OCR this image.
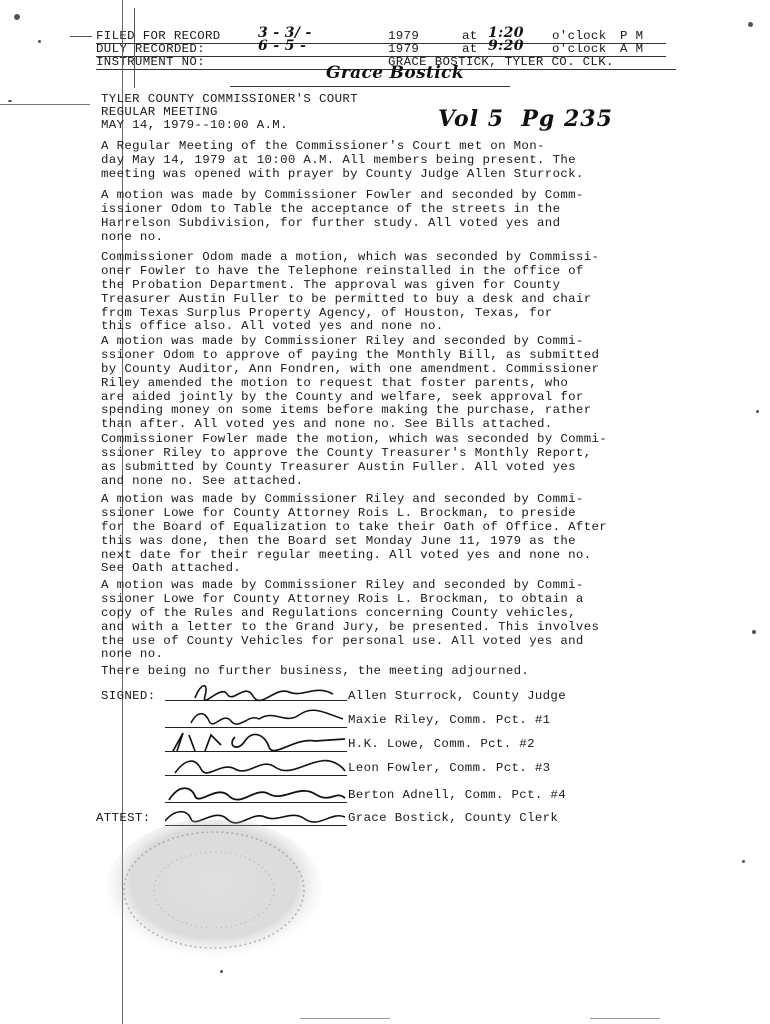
FILED FOR RECORD	3 - 3/ -	1979	at 1:20 o'clock P M
DULY RECORDED:	6 - 5 -	1979	at 9:20 o'clock A M
INSTRUMENT NO:	GRACE BOSTICK, TYLER CO. CLK.
Grace Bostick
TYLER COUNTY COMMISSIONER'S COURT
REGULAR MEETING
MAY 14, 1979--10:00 A.M.	Vol 5  Pg 235
A Regular Meeting of the Commissioner's Court met on Mon-
day May 14, 1979 at 10:00 A.M. All members being present. The
meeting was opened with prayer by County Judge Allen Sturrock.
A motion was made by Commissioner Fowler and seconded by Comm-
issioner Odom to Table the acceptance of the streets in the
Harrelson Subdivision, for further study. All voted yes and
none no.
Commissioner Odom made a motion, which was seconded by Commissi-
oner Fowler to have the Telephone reinstalled in the office of
the Probation Department. The approval was given for County
Treasurer Austin Fuller to be permitted to buy a desk and chair
from Texas Surplus Property Agency, of Houston, Texas, for
this office also. All voted yes and none no.
A motion was made by Commissioner Riley and seconded by Commi-
ssioner Odom to approve of paying the Monthly Bill, as submitted
by County Auditor, Ann Fondren, with one amendment. Commissioner
Riley amended the motion to request that foster parents, who
are aided jointly by the County and welfare, seek approval for
spending money on some items before making the purchase, rather
than after. All voted yes and none no. See Bills attached.
Commissioner Fowler made the motion, which was seconded by Commi-
ssioner Riley to approve the County Treasurer's Monthly Report,
as submitted by County Treasurer Austin Fuller. All voted yes
and none no. See attached.
A motion was made by Commissioner Riley and seconded by Commi-
ssioner Lowe for County Attorney Rois L. Brockman, to preside
for the Board of Equalization to take their Oath of Office. After
this was done, then the Board set Monday June 11, 1979 as the
next date for their regular meeting. All voted yes and none no.
See Oath attached.
A motion was made by Commissioner Riley and seconded by Commi-
ssioner Lowe for County Attorney Rois L. Brockman, to obtain a
copy of the Rules and Regulations concerning County vehicles,
and with a letter to the Grand Jury, be presented. This involves
the use of County Vehicles for personal use. All voted yes and
none no.
There being no further business, the meeting adjourned.
SIGNED:	Allen Sturrock, County Judge
Maxie Riley, Comm. Pct. #1
H.K. Lowe, Comm. Pct. #2
Leon Fowler, Comm. Pct. #3
Berton Adnell, Comm. Pct. #4
ATTEST:	Grace Bostick, County Clerk
